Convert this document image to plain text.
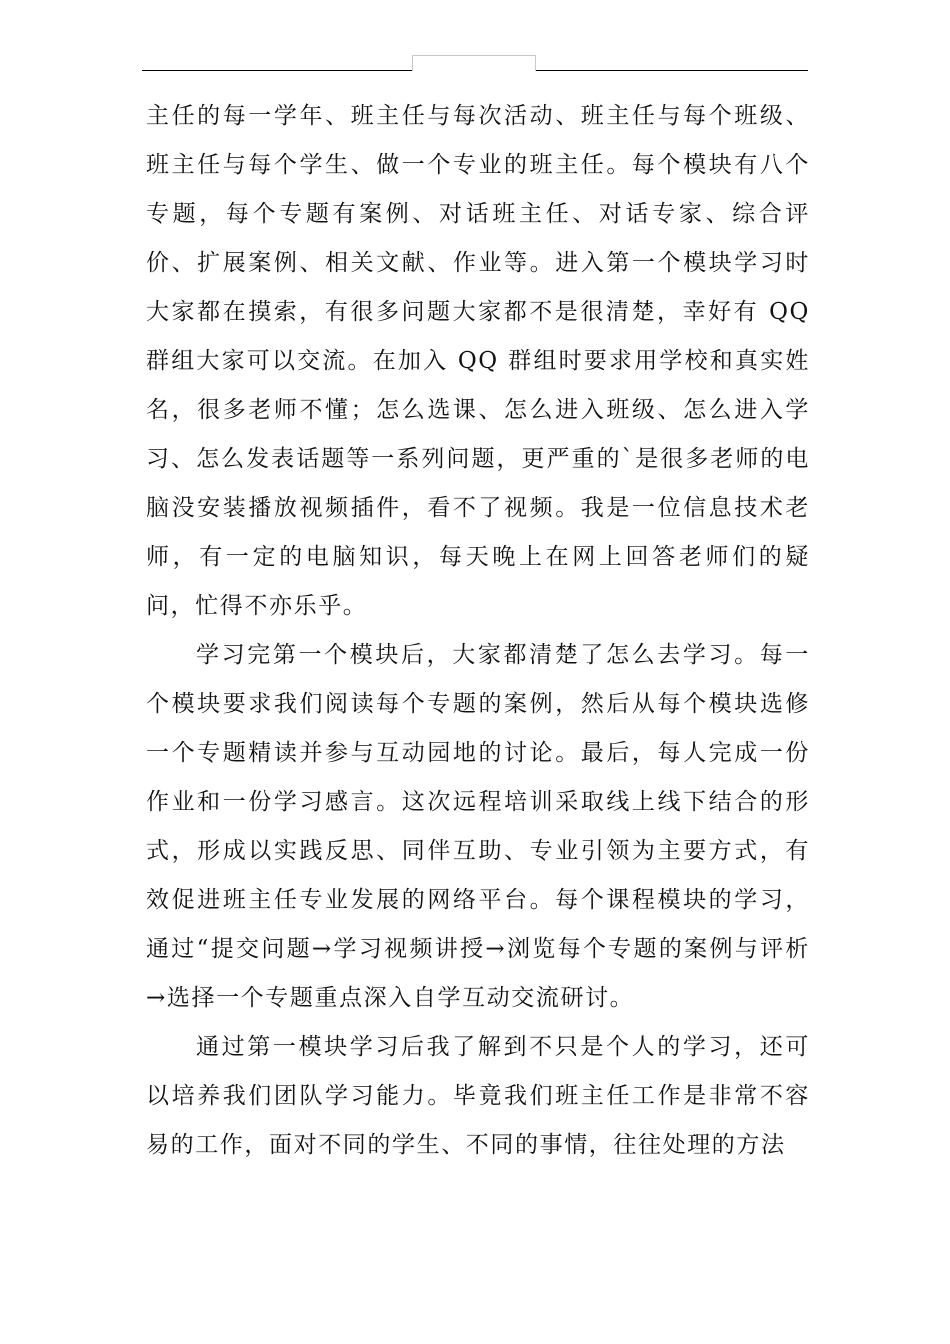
主任的每一学年、班主任与每次活动、班主任与每个班级、班主任与每个学生、做一个专业的班主任。每个模块有八个专题，每个专题有案例、对话班主任、对话专家、综合评价、扩展案例、相关文献、作业等。进入第一个模块学习时大家都在摸索，有很多问题大家都不是很清楚，幸好有 QQ 群组大家可以交流。在加入 QQ 群组时要求用学校和真实姓名，很多老师不懂；怎么选课、怎么进入班级、怎么进入学习、怎么发表话题等一系列问题，更严重的`是很多老师的电脑没安装播放视频插件，看不了视频。我是一位信息技术老师，有一定的电脑知识，每天晚上在网上回答老师们的疑问，忙得不亦乐乎。

学习完第一个模块后，大家都清楚了怎么去学习。每一个模块要求我们阅读每个专题的案例，然后从每个模块选修一个专题精读并参与互动园地的讨论。最后，每人完成一份作业和一份学习感言。这次远程培训采取线上线下结合的形式，形成以实践反思、同伴互助、专业引领为主要方式，有效促进班主任专业发展的网络平台。每个课程模块的学习，通过“提交问题→学习视频讲授→浏览每个专题的案例与评析→选择一个专题重点深入自学互动交流研讨。

通过第一模块学习后我了解到不只是个人的学习，还可以培养我们团队学习能力。毕竟我们班主任工作是非常不容易的工作，面对不同的学生、不同的事情，往往处理的方法
